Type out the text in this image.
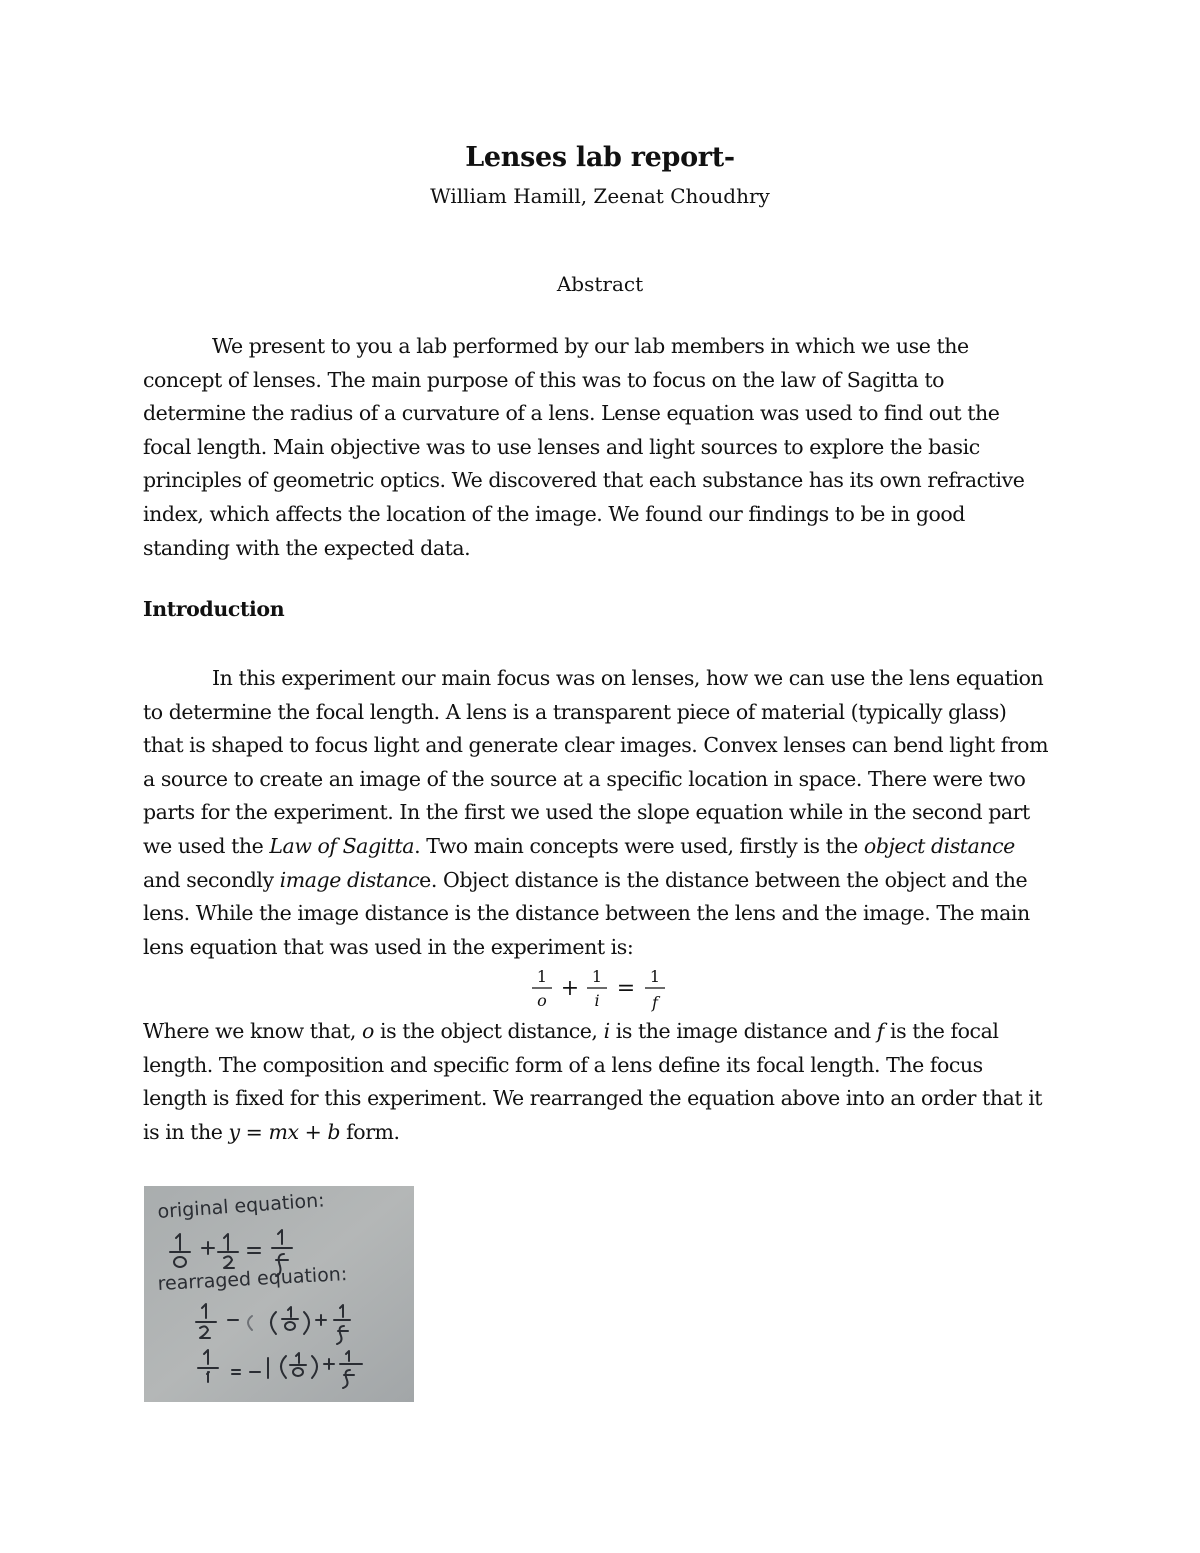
Lenses lab report-
William Hamill, Zeenat Choudhry
Abstract
We present to you a lab performed by our lab members in which we use the
concept of lenses. The main purpose of this was to focus on the law of Sagitta to
determine the radius of a curvature of a lens. Lense equation was used to find out the
focal length. Main objective was to use lenses and light sources to explore the basic
principles of geometric optics. We discovered that each substance has its own refractive
index, which affects the location of the image. We found our findings to be in good
standing with the expected data.
Introduction
In this experiment our main focus was on lenses, how we can use the lens equation
to determine the focal length. A lens is a transparent piece of material (typically glass)
that is shaped to focus light and generate clear images. Convex lenses can bend light from
a source to create an image of the source at a specific location in space. There were two
parts for the experiment. In the first we used the slope equation while in the second part
we used the Law of Sagitta. Two main concepts were used, firstly is the object distance
and secondly image distance. Object distance is the distance between the object and the
lens. While the image distance is the distance between the lens and the image. The main
lens equation that was used in the experiment is:
1
o + 1
i = 1
f
Where we know that, o is the object distance, i is the image distance and f is the focal
length. The composition and specific form of a lens define its focal length. The focus
length is fixed for this experiment. We rearranged the equation above into an order that it
is in the y = mx + b form.
original equation:
rearraged equation:
